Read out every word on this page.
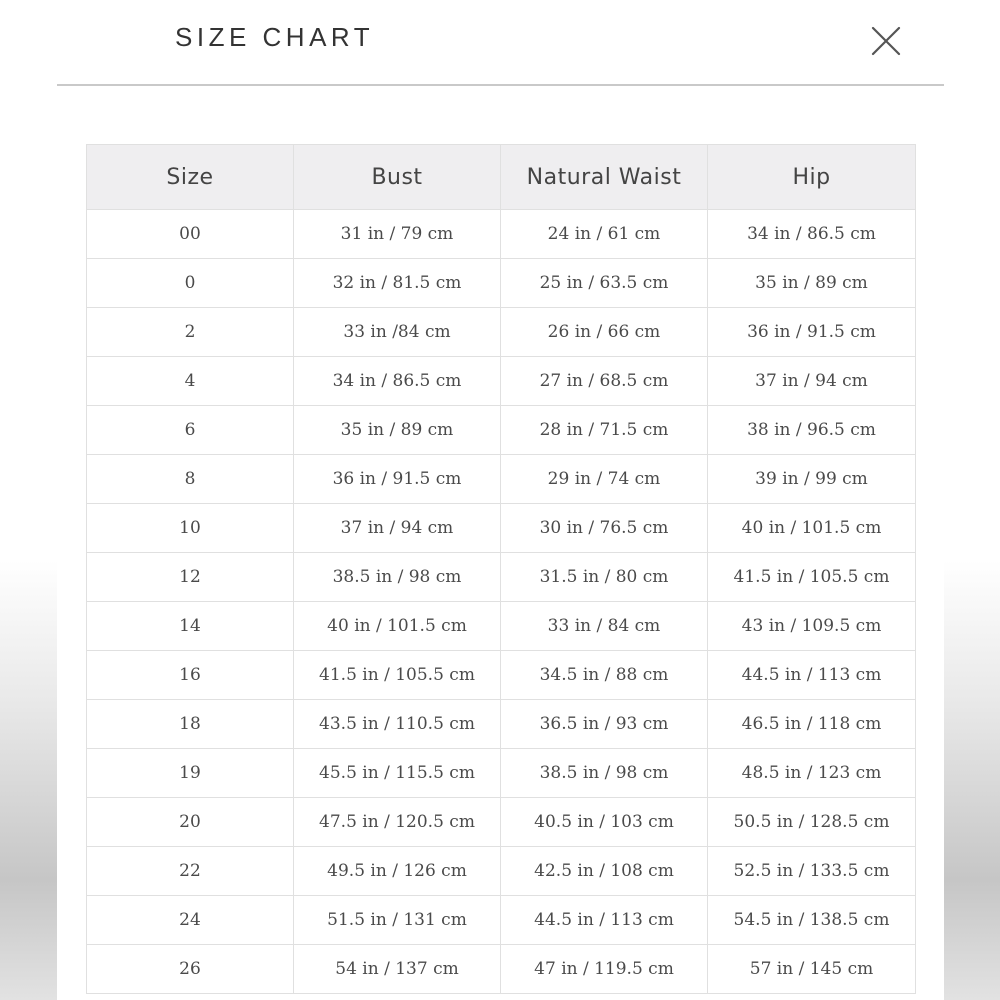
SIZE CHART
Size	Bust	Natural Waist	Hip
00	31 in / 79 cm	24 in / 61 cm	34 in / 86.5 cm
0	32 in / 81.5 cm	25 in / 63.5 cm	35 in / 89 cm
2	33 in /84 cm	26 in / 66 cm	36 in / 91.5 cm
4	34 in / 86.5 cm	27 in / 68.5 cm	37 in / 94 cm
6	35 in / 89 cm	28 in / 71.5 cm	38 in / 96.5 cm
8	36 in / 91.5 cm	29 in / 74 cm	39 in / 99 cm
10	37 in / 94 cm	30 in / 76.5 cm	40 in / 101.5 cm
12	38.5 in / 98 cm	31.5 in / 80 cm	41.5 in / 105.5 cm
14	40 in / 101.5 cm	33 in / 84 cm	43 in / 109.5 cm
16	41.5 in / 105.5 cm	34.5 in / 88 cm	44.5 in / 113 cm
18	43.5 in / 110.5 cm	36.5 in / 93 cm	46.5 in / 118 cm
19	45.5 in / 115.5 cm	38.5 in / 98 cm	48.5 in / 123 cm
20	47.5 in / 120.5 cm	40.5 in / 103 cm	50.5 in / 128.5 cm
22	49.5 in / 126 cm	42.5 in / 108 cm	52.5 in / 133.5 cm
24	51.5 in / 131 cm	44.5 in / 113 cm	54.5 in / 138.5 cm
26	54 in / 137 cm	47 in / 119.5 cm	57 in / 145 cm
